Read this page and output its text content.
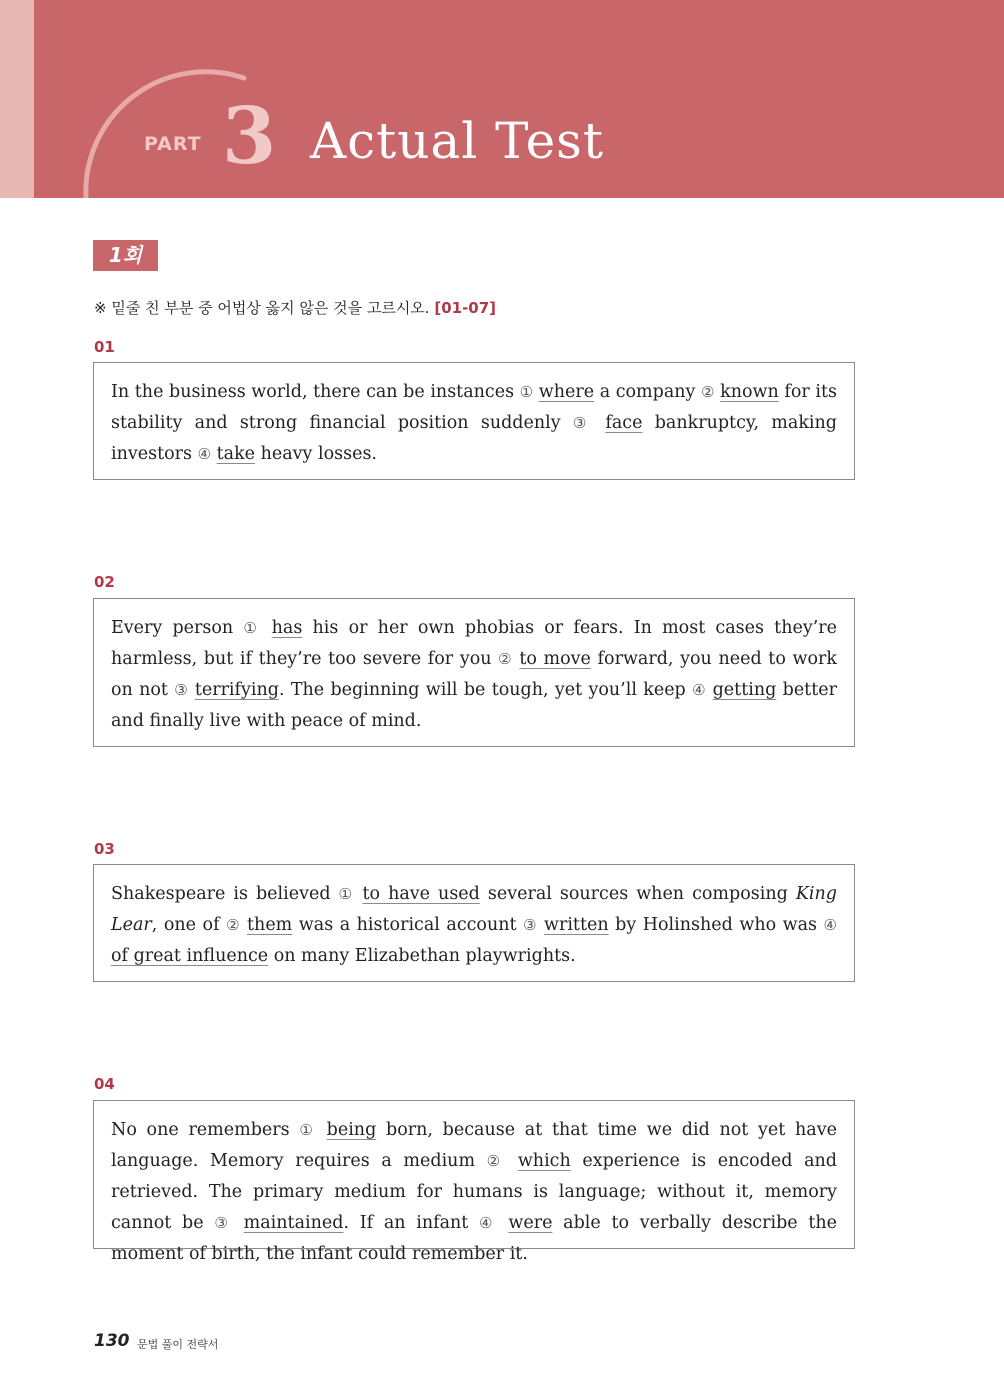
PART 3 Actual Test
1회
※ 밑줄 친 부분 중 어법상 옳지 않은 것을 고르시오. [01-07]
01
In the business world, there can be instances ① where a company ② known for its stability and strong financial position suddenly ③ face bankruptcy, making investors ④ take heavy losses.
02
Every person ① has his or her own phobias or fears. In most cases they’re harmless, but if they’re too severe for you ② to move forward, you need to work on not ③ terrifying. The beginning will be tough, yet you’ll keep ④ getting better and finally live with peace of mind.
03
Shakespeare is believed ① to have used several sources when composing King Lear, one of ② them was a historical account ③ written by Holinshed who was ④ of great influence on many Elizabethan playwrights.
04
No one remembers ① being born, because at that time we did not yet have language. Memory requires a medium ② which experience is encoded and retrieved. The primary medium for humans is language; without it, memory cannot be ③ maintained. If an infant ④ were able to verbally describe the moment of birth, the infant could remember it.
130 문법 풀이 전략서
